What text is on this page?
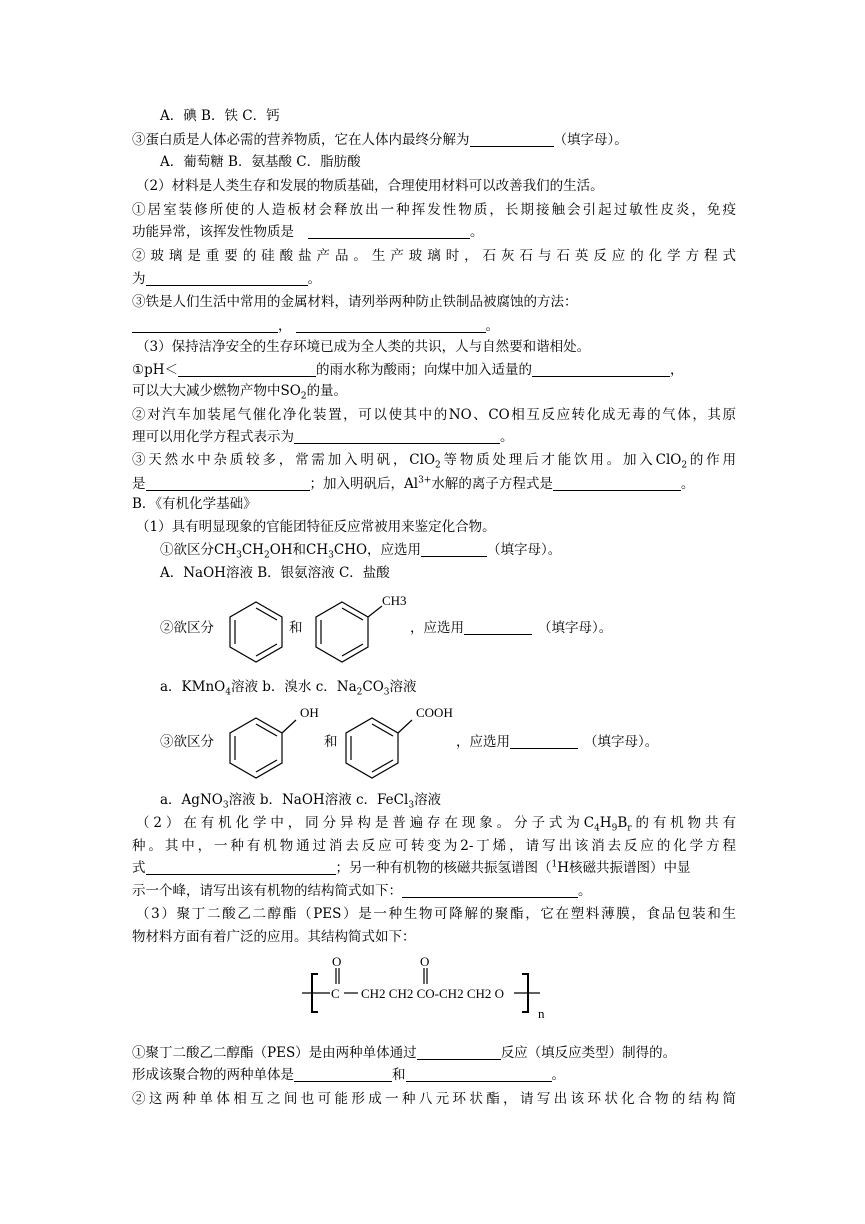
A．碘 B．铁 C．钙
③蛋白质是人体必需的营养物质，它在人体内最终分解为	（填字母）。
A．葡萄糖 B．氨基酸 C．脂肪酸
（2）材料是人类生存和发展的物质基础，合理使用材料可以改善我们的生活。
①居室装修所使的人造板材会释放出一种挥发性物质，长期接触会引起过敏性皮炎，免疫
功能异常，该挥发性物质是	。
②玻璃是重要的硅酸盐产品。生产玻璃时，石灰石与石英反应的化学方程式
为	。
③铁是人们生活中常用的金属材料，请列举两种防止铁制品被腐蚀的方法：
，	。
（3）保持洁净安全的生存环境已成为全人类的共识，人与自然要和谐相处。
①pH＜	的雨水称为酸雨；向煤中加入适量的	，
可以大大减少燃物产物中$SO_2$的量。
②对汽车加装尾气催化净化装置，可以使其中的NO、CO相互反应转化成无毒的气体，其原
理可以用化学方程式表示为	。
③天然水中杂质较多，常需加入明矾，ClO$_2$等物质处理后才能饮用。加入ClO$_2$的作用
是	；加入明矾后，$Al^{3+}$水解的离子方程式是	。
B．《有机化学基础》
（1）具有明显现象的官能团特征反应常被用来鉴定化合物。
①欲区分$CH_3CH_2OH$和$CH_3CHO$，应选用	（填字母）。
A．NaOH溶液 B．银氨溶液 C．盐酸
②欲区分	和
CH3
，应选用	（填字母）。
a．KMnO$_4$溶液 b．溴水 c．$Na_2CO_3$溶液
③欲区分
OH
和
COOH
，应选用	（填字母）。
a．AgNO$_3$溶液 b．NaOH溶液 c．FeCl$_3$溶液
（2）在有机化学中，同分异构是普遍存在现象。分子式为$C_4H_9B_r$的有机物共有
种。其中，一种有机物通过消去反应可转变为2-丁烯，请写出该消去反应的化学方程
式	；另一种有机物的核磁共振氢谱图（$^1$H核磁共振谱图）中显
示一个峰，请写出该有机物的结构简式如下：	。
（3）聚丁二酸乙二醇酯（PES）是一种生物可降解的聚酯，它在塑料薄膜，食品包装和生
物材料方面有着广泛的应用。其结构简式如下：
O	O
C CH2 CH2 CO-CH2 CH2 O
n
①聚丁二酸乙二醇酯（PES）是由两种单体通过	反应（填反应类型）制得的。
形成该聚合物的两种单体是	和	。
②这两种单体相互之间也可能形成一种八元环状酯，请写出该环状化合物的结构简
